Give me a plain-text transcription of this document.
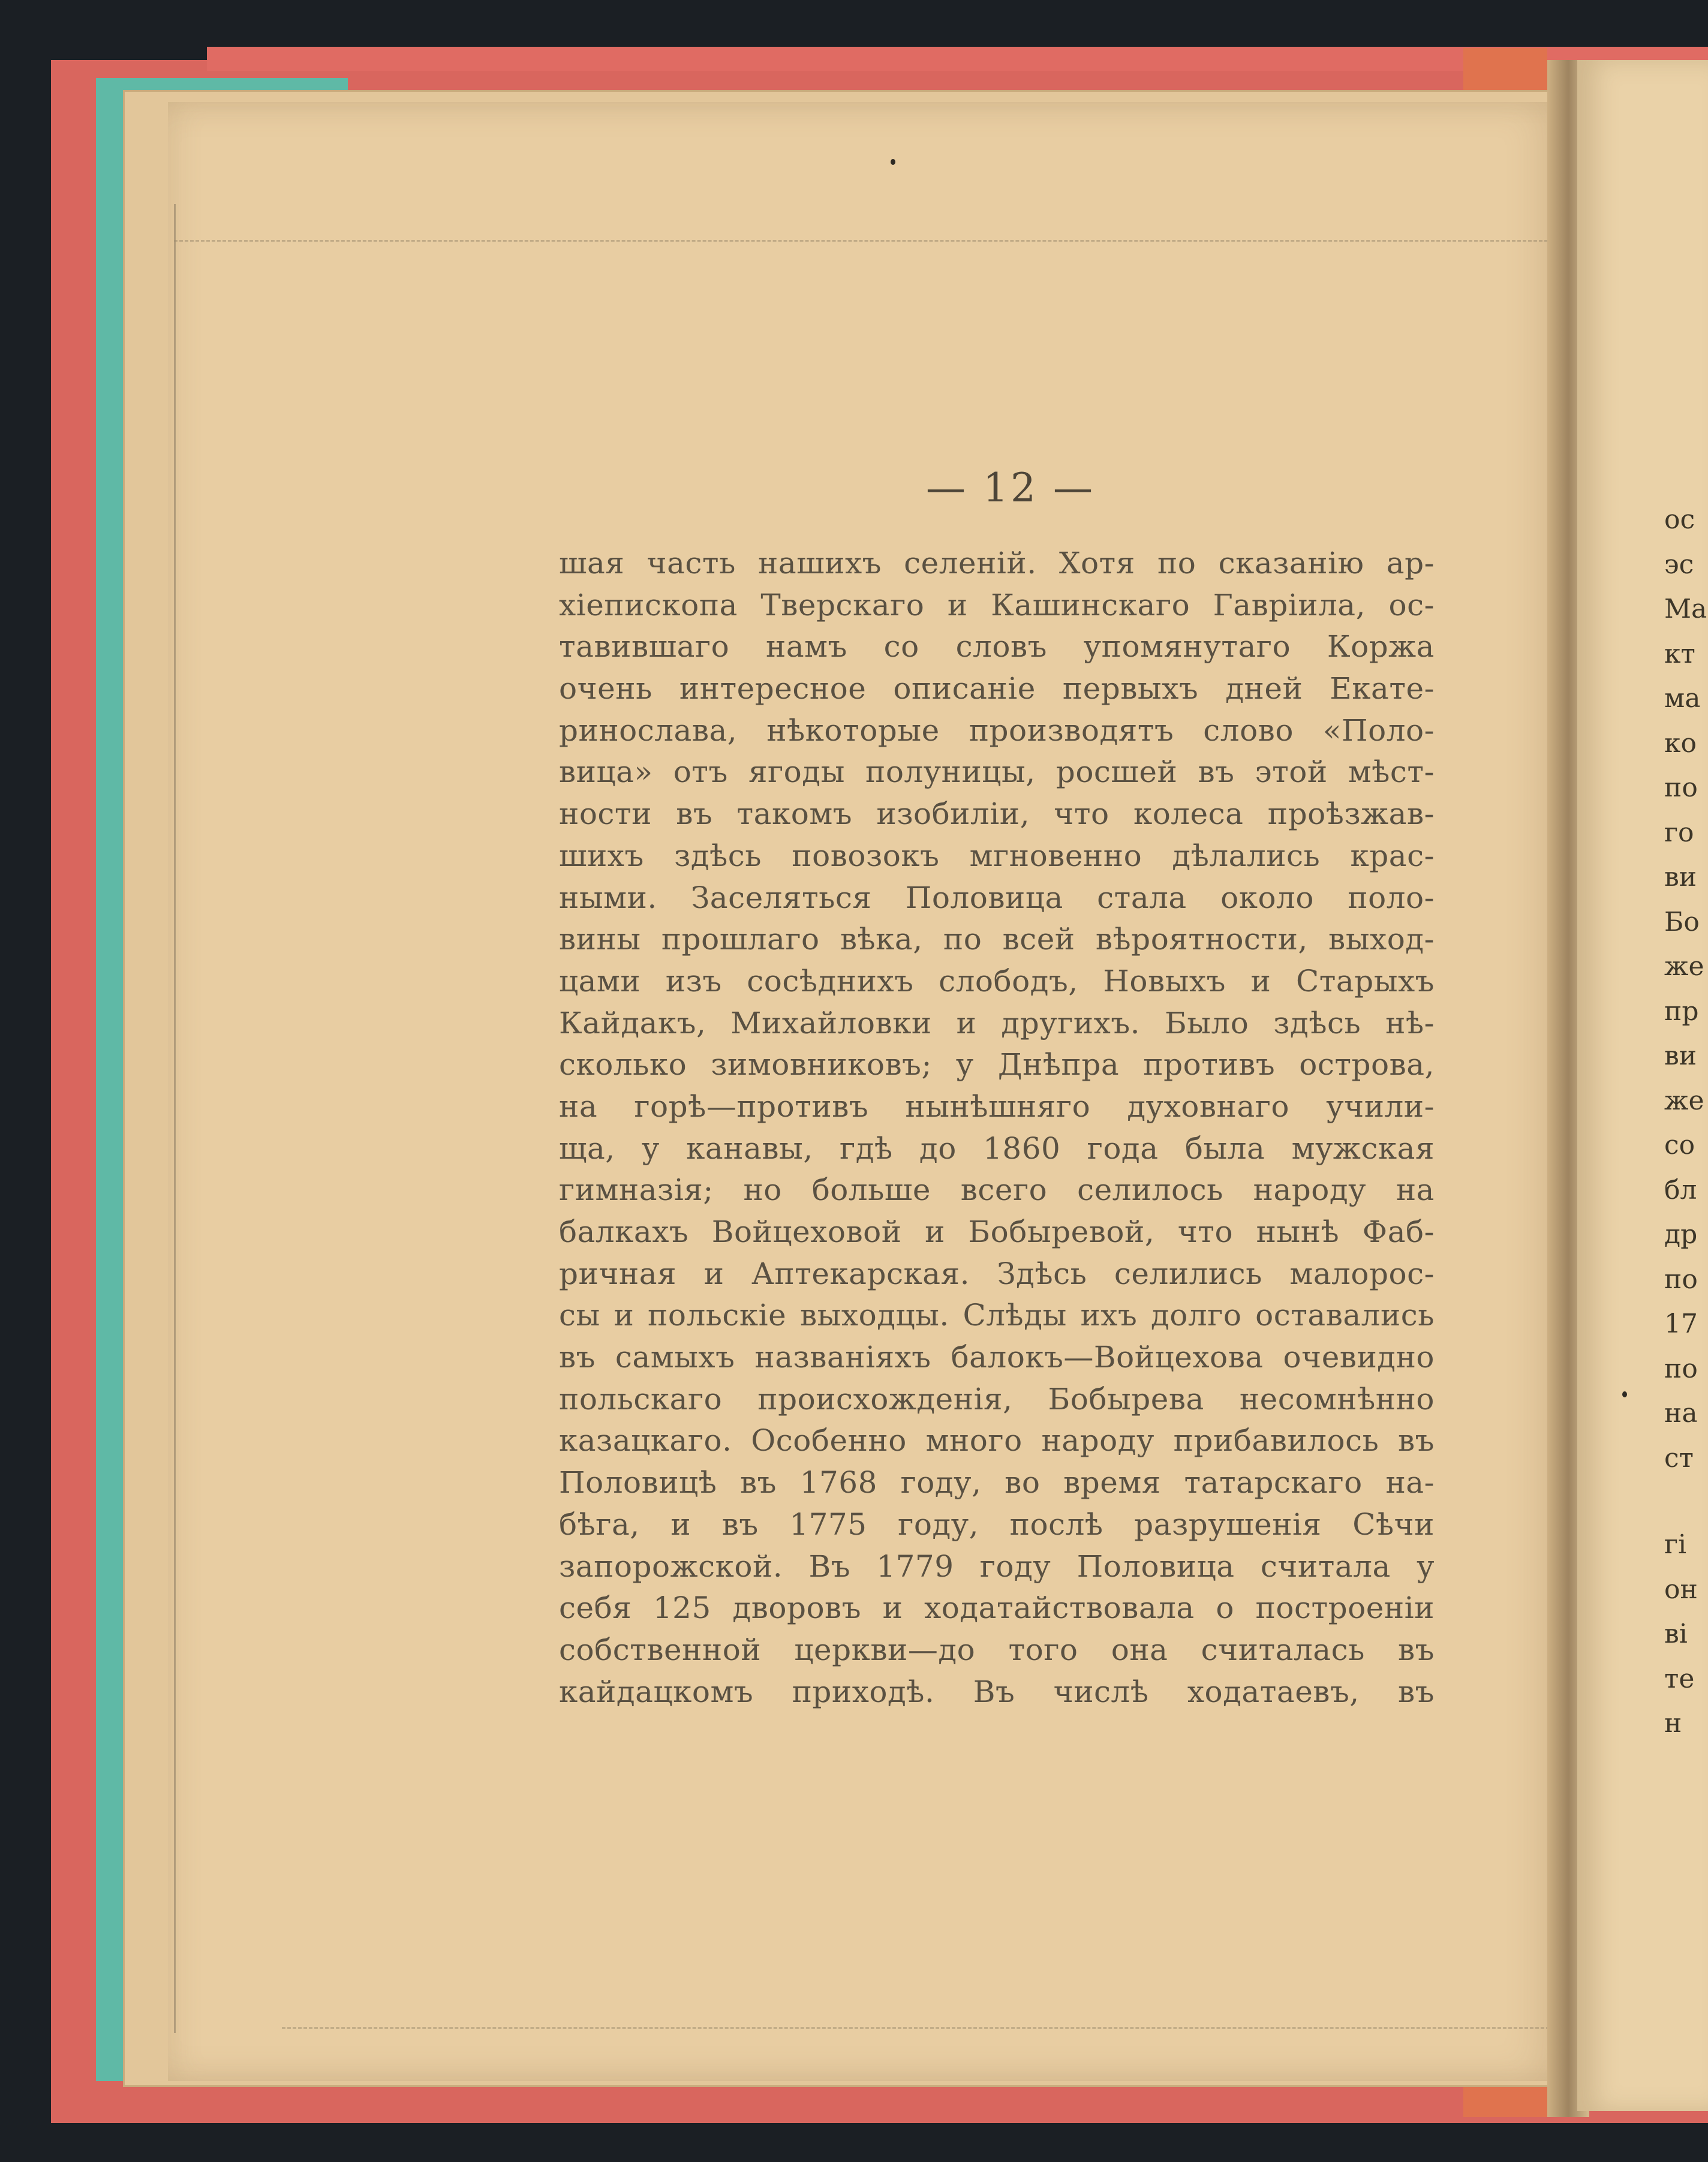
— 12 —
шая часть нашихъ селеній. Хотя по сказанію ар-
хіепископа Тверскаго и Кашинскаго Гаврiила, ос-
тавившаго намъ со словъ упомянутаго Коржа
очень интересное описаніе первыхъ дней Екате-
ринослава, нѣкоторые производятъ слово «Поло-
вица» отъ ягоды полуницы, росшей въ этой мѣст-
ности въ такомъ изобиліи, что колеса проѣзжав-
шихъ здѣсь повозокъ мгновенно дѣлались крас-
ными. Заселяться Половица стала около поло-
вины прошлаго вѣка, по всей вѣроятности, выход-
цами изъ сосѣднихъ слободъ, Новыхъ и Старыхъ
Кайдакъ, Михайловки и другихъ. Было здѣсь нѣ-
сколько зимовниковъ; у Днѣпра противъ острова,
на горѣ—противъ нынѣшняго духовнаго учили-
ща, у канавы, гдѣ до 1860 года была мужская
гимназія; но больше всего селилось народу на
балкахъ Войцеховой и Бобыревой, что нынѣ Фаб-
ричная и Аптекарская. Здѣсь селились малорос-
сы и польскіе выходцы. Слѣды ихъ долго оставались
въ самыхъ названіяхъ балокъ—Войцехова очевидно
польскаго происхожденія, Бобырева несомнѣнно
казацкаго. Особенно много народу прибавилось въ
Половицѣ въ 1768 году, во время татарскаго на-
бѣга, и въ 1775 году, послѣ разрушенія Сѣчи
запорожской. Въ 1779 году Половица считала у
себя 125 дворовъ и ходатайствовала о построеніи
собственной церкви—до того она считалась въ
кайдацкомъ приходѣ. Въ числѣ ходатаевъ, въ
ос
эс
Ма
кт
ма
ко
по
го
ви
Бо
же
пр
ви
же
со
бл
др
по
17
по
на
ст
гі
он
ві
те
н
